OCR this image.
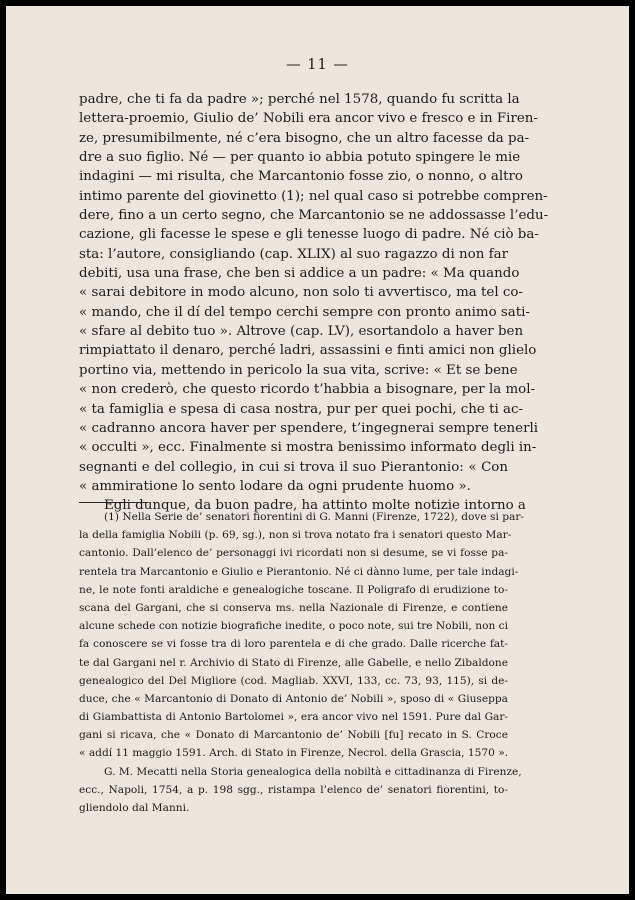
— 11 —
padre, che ti fa da padre »; perché nel 1578, quando fu scritta la
lettera-proemio, Giulio de’ Nobili era ancor vivo e fresco e in Firen-
ze, presumibilmente, né c’era bisogno, che un altro facesse da pa-
dre a suo figlio. Né — per quanto io abbia potuto spingere le mie
indagini — mi risulta, che Marcantonio fosse zio, o nonno, o altro
intimo parente del giovinetto (1); nel qual caso si potrebbe compren-
dere, fino a un certo segno, che Marcantonio se ne addossasse l’edu-
cazione, gli facesse le spese e gli tenesse luogo di padre. Né ciò ba-
sta: l’autore, consigliando (cap. XLIX) al suo ragazzo di non far
debiti, usa una frase, che ben si addice a un padre: « Ma quando
« sarai debitore in modo alcuno, non solo ti avvertisco, ma tel co-
« mando, che il dí del tempo cerchi sempre con pronto animo sati-
« sfare al debito tuo ». Altrove (cap. LV), esortandolo a haver ben
rimpiattato il denaro, perché ladri, assassini e finti amici non glielo
portino via, mettendo in pericolo la sua vita, scrive: « Et se bene
« non crederò, che questo ricordo t’habbia a bisognare, per la mol-
« ta famiglia e spesa di casa nostra, pur per quei pochi, che ti ac-
« cadranno ancora haver per spendere, t’ingegnerai sempre tenerli
« occulti », ecc. Finalmente si mostra benissimo informato degli in-
segnanti e del collegio, in cui si trova il suo Pierantonio: « Con
« ammiratione lo sento lodare da ogni prudente huomo ».
Egli dunque, da buon padre, ha attinto molte notizie intorno a
(1) Nella Serie de’ senatori fiorentini di G. Manni (Firenze, 1722), dove si par-
la della famiglia Nobili (p. 69, sg.), non si trova notato fra i senatori questo Mar-
cantonio. Dall’elenco de’ personaggi ivi ricordati non si desume, se vi fosse pa-
rentela tra Marcantonio e Giulio e Pierantonio. Né ci dànno lume, per tale indagi-
ne, le note fonti araldiche e genealogiche toscane. Il Poligrafo di erudizione to-
scana del Gargani, che si conserva ms. nella Nazionale di Firenze, e contiene
alcune schede con notizie biografiche inedite, o poco note, sui tre Nobili, non ci
fa conoscere se vi fosse tra di loro parentela e di che grado. Dalle ricerche fat-
te dal Gargani nel r. Archivio di Stato di Firenze, alle Gabelle, e nello Zibaldone
genealogico del Del Migliore (cod. Magliab. XXVI, 133, cc. 73, 93, 115), si de-
duce, che « Marcantonio di Donato di Antonio de’ Nobili », sposo di « Giuseppa
di Giambattista di Antonio Bartolomei », era ancor vivo nel 1591. Pure dal Gar-
gani si ricava, che « Donato di Marcantonio de’ Nobili [fu] recato in S. Croce
« addí 11 maggio 1591. Arch. di Stato in Firenze, Necrol. della Grascia, 1570 ».
G. M. Mecatti nella Storia genealogica della nobiltà e cittadinanza di Firenze,
ecc., Napoli, 1754, a p. 198 sgg., ristampa l’elenco de’ senatori fiorentini, to-
gliendolo dal Manni.
